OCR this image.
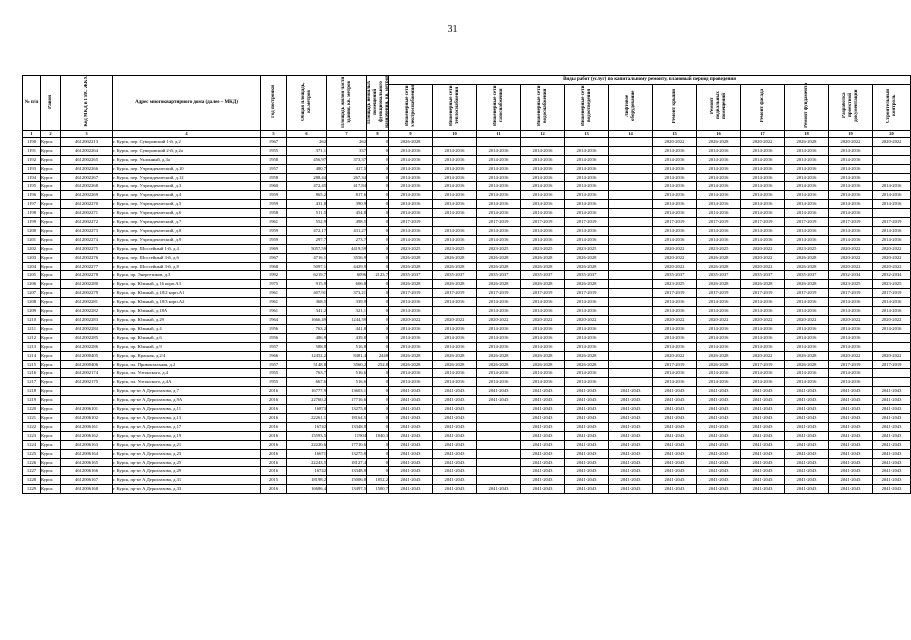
31
№ п/п	Район	Код МКД в ГИС ЖКХ	Адрес многоквартирного дома (далее – МКД)	Год постройки	Общая площадь, кв.метров	Площадь жилой части здания, кв. метров	Площадь нежилых помещений функционального назначения, кв. метров	Виды работ (услуг) по капитальному ремонту, плановый период проведения											
								Инженерные сети электроснабжения	Инженерные сети теплоснабжения	Инженерные сети газоснабжения	Инженерные сети водоснабжения	Инженерные сети водоотведения	Лифтовое оборудование	Ремонт крыши	Ремонт подвальных помещений	Ремонт фасада	Ремонт фундамента	Разработка проектной документации	Строительный контроль
1	2	3	4	5	6	7	8	9	10	11	12	13	14	15	16	17	18	19	20
1190	Курск	4612002213	г. Курск, пер. Суворовский 1-й, д.2	1967	262	262	0	2026-2028						2020-2022	2026-2028	2020-2022	2026-2028	2020-2022	2020-2022
1191	Курск	4612002264	г. Курск, пер. Суворовский 2-й, д.2а	1955	371,1	337	0	2014-2016	2014-2016	2014-2016	2014-2016	2014-2016		2014-2016	2014-2016	2014-2016	2014-2016	2014-2016	
1192	Курск	4612002265	г. Курск, пер. Уклонный, д.3а	1958	456,97	373,37	0	2014-2016	2014-2016	2014-2016	2014-2016	2014-2016		2014-2016	2014-2016	2014-2016	2014-2016	2014-2016	
1193	Курск	4612002266	г. Курск, пер. Учрежденческий, д.10	1957	480,7	417,5	0	2014-2016	2014-2016	2014-2016	2014-2016	2014-2016		2014-2016	2014-2016	2014-2016	2014-2016	2014-2016	
1194	Курск	4612002267	г. Курск, пер. Учрежденческий, д.12	1958	288,44	267,34	0	2014-2016	2014-2016	2014-2016	2014-2016	2014-2016		2014-2016	2014-2016	2014-2016	2014-2016	2014-2016	
1195	Курск	4612002268	г. Курск, пер. Учрежденческий, д.3	1960	472,45	417,84	0	2014-2016	2014-2016	2014-2016	2014-2016	2014-2016		2014-2016	2014-2016	2014-2016	2014-2016	2014-2016	2014-2016
1196	Курск	4612002269	г. Курск, пер. Учрежденческий, д.4	1959	865,2	817,6	0	2014-2016	2014-2016	2014-2016	2014-2016	2014-2016		2014-2016	2014-2016	2014-2016	2014-2016	2014-2016	2014-2016
1197	Курск	4612002270	г. Курск, пер. Учрежденческий, д.5	1959	431,8	390,9	0	2014-2016	2014-2016	2014-2016	2014-2016	2014-2016		2014-2016	2014-2016	2014-2016	2014-2016	2014-2016	2014-2016
1198	Курск	4612002271	г. Курск, пер. Учрежденческий, д.6	1958	511,5	454,8	0	2014-2016	2014-2016	2014-2016	2014-2016	2014-2016		2014-2016	2014-2016	2014-2016	2014-2016	2014-2016	
1199	Курск	4612002272	г. Курск, пер. Учрежденческий, д.7	1961	552,9	498,5	0	2017-2019		2017-2019	2017-2019	2017-2019		2017-2019	2017-2019	2017-2019	2017-2019	2017-2019	2017-2019
1200	Курск	4612002273	г. Курск, пер. Учрежденческий, д.8	1959	472,17	431,27	0	2014-2016	2014-2016	2014-2016	2014-2016	2014-2016		2014-2016	2014-2016	2014-2016	2014-2016	2014-2016	2014-2016
1201	Курск	4612002274	г. Курск, пер. Учрежденческий, д.9	1959	297,7	273,7	0	2014-2016	2014-2016	2014-2016	2014-2016	2014-2016		2014-2016	2014-2016	2014-2016	2014-2016	2014-2016	2014-2016
1202	Курск	4612002275	г. Курск, пер. Шоссейный 1-й, д.4	1969	5057,59	4419,59	0	2023-2025	2023-2025	2023-2025	2023-2025	2023-2025		2020-2022	2023-2025	2020-2022	2023-2025	2020-2022	2020-2022
1203	Курск	4612002276	г. Курск, пер. Шоссейный 3-й, д.6	1967	4716,1	3556,9	0	2026-2028	2026-2028	2026-2028	2026-2028	2026-2028		2020-2022	2026-2028	2020-2022	2026-2028	2020-2022	2020-2022
1204	Курск	4612002277	г. Курск, пер. Шоссейный 3-й, д.8	1968	5097,1	4429,9	0	2026-2028	2026-2028	2026-2028	2026-2028	2026-2028		2020-2022	2026-2028	2020-2022	2026-2028	2020-2022	2020-2022
1205	Курск	4612002278	г. Курск, пр. Энергетиков, д.3	1992	6219,7	6096	2123,7	2035-2037	2035-2037	2035-2037	2035-2037	2035-2037		2035-2037	2035-2037	2035-2037	2035-2037	2032-2034	2032-2034
1206	Курск	4612002280	г. Курск, пр. Южный, д.16 корп.А3	1975	915,9	606,8	0	2026-2028	2026-2028	2026-2028	2026-2028	2026-2028		2023-2025	2026-2028	2026-2028	2026-2028	2023-2025	2023-2025
1207	Курск	4612002279	г. Курск, пр. Южный, д.18/2 корп.А1	1961	407,91	373,21	0	2017-2019	2017-2019	2017-2019	2017-2019	2017-2019		2017-2019	2017-2019	2017-2019	2017-2019	2017-2019	2017-2019
1208	Курск	4612002281	г. Курск, пр. Южный, д.18/3 корп.А2	1961	368,5	339,9	0	2014-2016	2014-2016	2014-2016	2014-2016	2014-2016		2014-2016	2014-2016	2014-2016	2014-2016	2014-2016	2014-2016
1209	Курск	4612002282	г. Курск, пр. Южный, д.18А	1961	341,2	321,1	0	2014-2016		2014-2016	2014-2016	2014-2016		2014-2016	2014-2016	2014-2016	2014-2016	2014-2016	2014-2016
1210	Курск	4612002283	г. Курск, пр. Южный, д.29	1964	1666,49	1244,39	0	2020-2022	2020-2022	2020-2022	2020-2022	2020-2022		2020-2022	2020-2022	2020-2022	2020-2022	2020-2022	2020-2022
1211	Курск	4612002284	г. Курск, пр. Южный, д.4	1956	763,2	441,8	0	2014-2016	2014-2016	2014-2016	2014-2016	2014-2016		2014-2016	2014-2016	2014-2016	2014-2016	2014-2016	2014-2016
1212	Курск	4612002285	г. Курск, пр. Южный, д.6	1956	486,9	439,8	0	2014-2016	2014-2016	2014-2016	2014-2016	2014-2016		2014-2016	2014-2016	2014-2016	2014-2016	2014-2016	
1213	Курск	4612002286	г. Курск, пр. Южный, д.9	1957	588,8	516,8	0	2014-2016	2014-2016	2014-2016	2014-2016	2014-2016		2014-2016	2014-2016	2014-2016	2014-2016	2014-2016	
1214	Курск	4612000405	г. Курск, пр. Красная, д.2/4	1966	12452,2	8481,4	2448	2026-2028	2026-2028	2026-2028	2026-2028	2026-2028		2020-2022	2026-2028	2020-2022	2026-2028	2020-2022	2020-2022
1215	Курск	4612000406	г. Курск, пл. Привокзальная, д.2	1957	5148,8	3560,2	252,8	2026-2028	2026-2028	2026-2028	2026-2028	2026-2028		2017-2019	2026-2028	2017-2019	2026-2028	2017-2019	2017-2019
1216	Курск	4612002174	г. Курск, пл. Уптонского, д.4	1955	763,7	516,6	0	2014-2016	2014-2016	2014-2016	2014-2016	2014-2016		2014-2016	2014-2016	2014-2016	2014-2016	2014-2016	
1217	Курск	4612002175	г. Курск, пл. Уптонского, д.4А	1955	667,6	516,6	0	2014-2016	2014-2016	2014-2016	2014-2016	2014-2016		2014-2016	2014-2016	2014-2016	2014-2016	2014-2016	
1218	Курск		г. Курск, пр-кт А.Дериглазова, д.7	2016	16777,9	13603,1	0	2041-2043	2041-2043	2041-2043	2041-2043	2041-2043	2041-2043	2041-2043	2041-2043	2041-2043	2041-2043	2041-2043	2041-2043
1219	Курск		г. Курск, пр-кт А.Дериглазова, д.9А	2016	22760,2	17716,6	0	2041-2043	2041-2043	2041-2043	2041-2043	2041-2043	2041-2043	2041-2043	2041-2043	2041-2043	2041-2043	2041-2043	2041-2043
1220	Курск	4612006101	г. Курск, пр-кт А.Дериглазова, д.11	2016	16873	13275,8	0	2041-2043	2041-2043		2041-2043	2041-2043	2041-2043	2041-2043	2041-2043	2041-2043	2041-2043	2041-2043	2041-2043
1221	Курск	4612006102	г. Курск, пр-кт А.Дериглазова, д.13	2016	22261,1	18164,5	0	2041-2043	2041-2043		2041-2043	2041-2043	2041-2043	2041-2043	2041-2043	2041-2043	2041-2043	2041-2043	2041-2043
1222	Курск	4612006161	г. Курск, пр-кт А.Дериглазова, д.17	2016	16742	13348,8	0	2041-2043	2041-2043		2041-2043	2041-2043	2041-2043	2041-2043	2041-2043	2041-2043	2041-2043	2041-2043	2041-2043
1223	Курск	4612006162	г. Курск, пр-кт А.Дериглазова, д.19	2016	15593,5	11904	1840,3	2041-2043	2041-2043		2041-2043	2041-2043	2041-2043	2041-2043	2041-2043	2041-2043	2041-2043	2041-2043	2041-2043
1224	Курск	4612006163	г. Курск, пр-кт А.Дериглазова, д.21	2016	22220,6	17710,6	0	2041-2043	2041-2043		2041-2043	2041-2043	2041-2043	2041-2043	2041-2043	2041-2043	2041-2043	2041-2043	2041-2043
1225	Курск	4612006164	г. Курск, пр-кт А.Дериглазова, д.23	2016	16671	13275,8	0	2041-2043	2041-2043		2041-2043	2041-2043	2041-2043	2041-2043	2041-2043	2041-2043	2041-2043	2041-2043	2041-2043
1226	Курск	4612006165	г. Курск, пр-кт А.Дериглазова, д.25	2016	22243,5	18127,4	0	2041-2043	2041-2043		2041-2043	2041-2043	2041-2043	2041-2043	2041-2043	2041-2043	2041-2043	2041-2043	2041-2043
1227	Курск	4612006166	г. Курск, пр-кт А.Дериглазова, д.29	2016	16742	13348,8	0	2041-2043	2041-2043		2041-2043	2041-2043	2041-2043	2041-2043	2041-2043	2041-2043	2041-2043	2041-2043	2041-2043
1228	Курск	4612006167	г. Курск, пр-кт А.Дериглазова, д.31	2015	18198,2	15006,8	1852,2	2041-2043	2041-2043		2041-2043	2041-2043	2041-2043	2041-2043	2041-2043	2041-2043	2041-2043	2041-2043	2041-2043
1229	Курск	4612006168	г. Курск, пр-кт А.Дериглазова, д.33	2016	16686,4	13497,5	1500,7	2041-2043	2041-2043	2041-2043	2041-2043	2041-2043	2041-2043	2041-2043	2041-2043	2041-2043	2041-2043	2041-2043	2041-2043
